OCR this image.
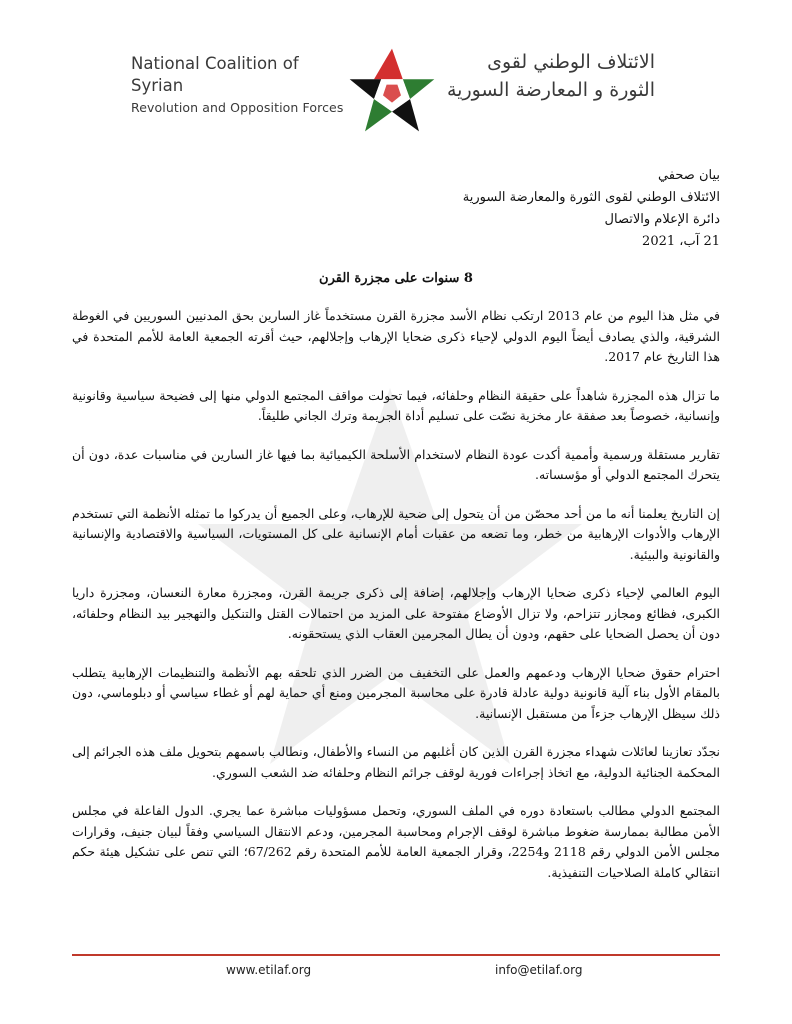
National Coalition of Syrian
Revolution and Opposition Forces
الائتلاف الوطني لقوى
الثورة و المعارضة السورية
بيان صحفي
الائتلاف الوطني لقوى الثورة والمعارضة السورية
دائرة الإعلام والاتصال
21 آب، 2021
8 سنوات على مجزرة القرن

في مثل هذا اليوم من عام 2013 ارتكب نظام الأسد مجزرة القرن مستخدماً غاز السارين بحق المدنيين السوريين في الغوطة الشرقية، والذي يصادف أيضاً اليوم الدولي لإحياء ذكرى ضحايا الإرهاب وإجلالهم، حيث أقرته الجمعية العامة للأمم المتحدة في هذا التاريخ عام 2017.

ما تزال هذه المجزرة شاهداً على حقيقة النظام وحلفائه، فيما تحولت مواقف المجتمع الدولي منها إلى فضيحة سياسية وقانونية وإنسانية، خصوصاً بعد صفقة عار مخزية نصّت على تسليم أداة الجريمة وترك الجاني طليقاً.

تقارير مستقلة ورسمية وأممية أكدت عودة النظام لاستخدام الأسلحة الكيميائية بما فيها غاز السارين في مناسبات عدة، دون أن يتحرك المجتمع الدولي أو مؤسساته.

إن التاريخ يعلمنا أنه ما من أحد محصّن من أن يتحول إلى ضحية للإرهاب، وعلى الجميع أن يدركوا ما تمثله الأنظمة التي تستخدم الإرهاب والأدوات الإرهابية من خطر، وما تضعه من عقبات أمام الإنسانية على كل المستويات، السياسية والاقتصادية والإنسانية والقانونية والبيئية.

اليوم العالمي لإحياء ذكرى ضحايا الإرهاب وإجلالهم، إضافة إلى ذكرى جريمة القرن، ومجزرة معارة النعسان، ومجزرة داريا الكبرى، فظائع ومجازر تتزاحم، ولا تزال الأوضاع مفتوحة على المزيد من احتمالات القتل والتنكيل والتهجير بيد النظام وحلفائه، دون أن يحصل الضحايا على حقهم، ودون أن يطال المجرمين العقاب الذي يستحقونه.

احترام حقوق ضحايا الإرهاب ودعمهم والعمل على التخفيف من الضرر الذي تلحقه بهم الأنظمة والتنظيمات الإرهابية يتطلب بالمقام الأول بناء آلية قانونية دولية عادلة قادرة على محاسبة المجرمين ومنع أي حماية لهم أو غطاء سياسي أو دبلوماسي، دون ذلك سيظل الإرهاب جزءاً من مستقبل الإنسانية.

نجدّد تعازينا لعائلات شهداء مجزرة القرن الذين كان أغلبهم من النساء والأطفال، ونطالب باسمهم بتحويل ملف هذه الجرائم إلى المحكمة الجنائية الدولية، مع اتخاذ إجراءات فورية لوقف جرائم النظام وحلفائه ضد الشعب السوري.

المجتمع الدولي مطالب باستعادة دوره في الملف السوري، وتحمل مسؤوليات مباشرة عما يجري. الدول الفاعلة في مجلس الأمن مطالبة بممارسة ضغوط مباشرة لوقف الإجرام ومحاسبة المجرمين، ودعم الانتقال السياسي وفقاً لبيان جنيف، وقرارات مجلس الأمن الدولي رقم 2118 و2254، وقرار الجمعية العامة للأمم المتحدة رقم 67/262؛ التي تنص على تشكيل هيئة حكم انتقالي كاملة الصلاحيات التنفيذية.

www.etilaf.org	info@etilaf.org
